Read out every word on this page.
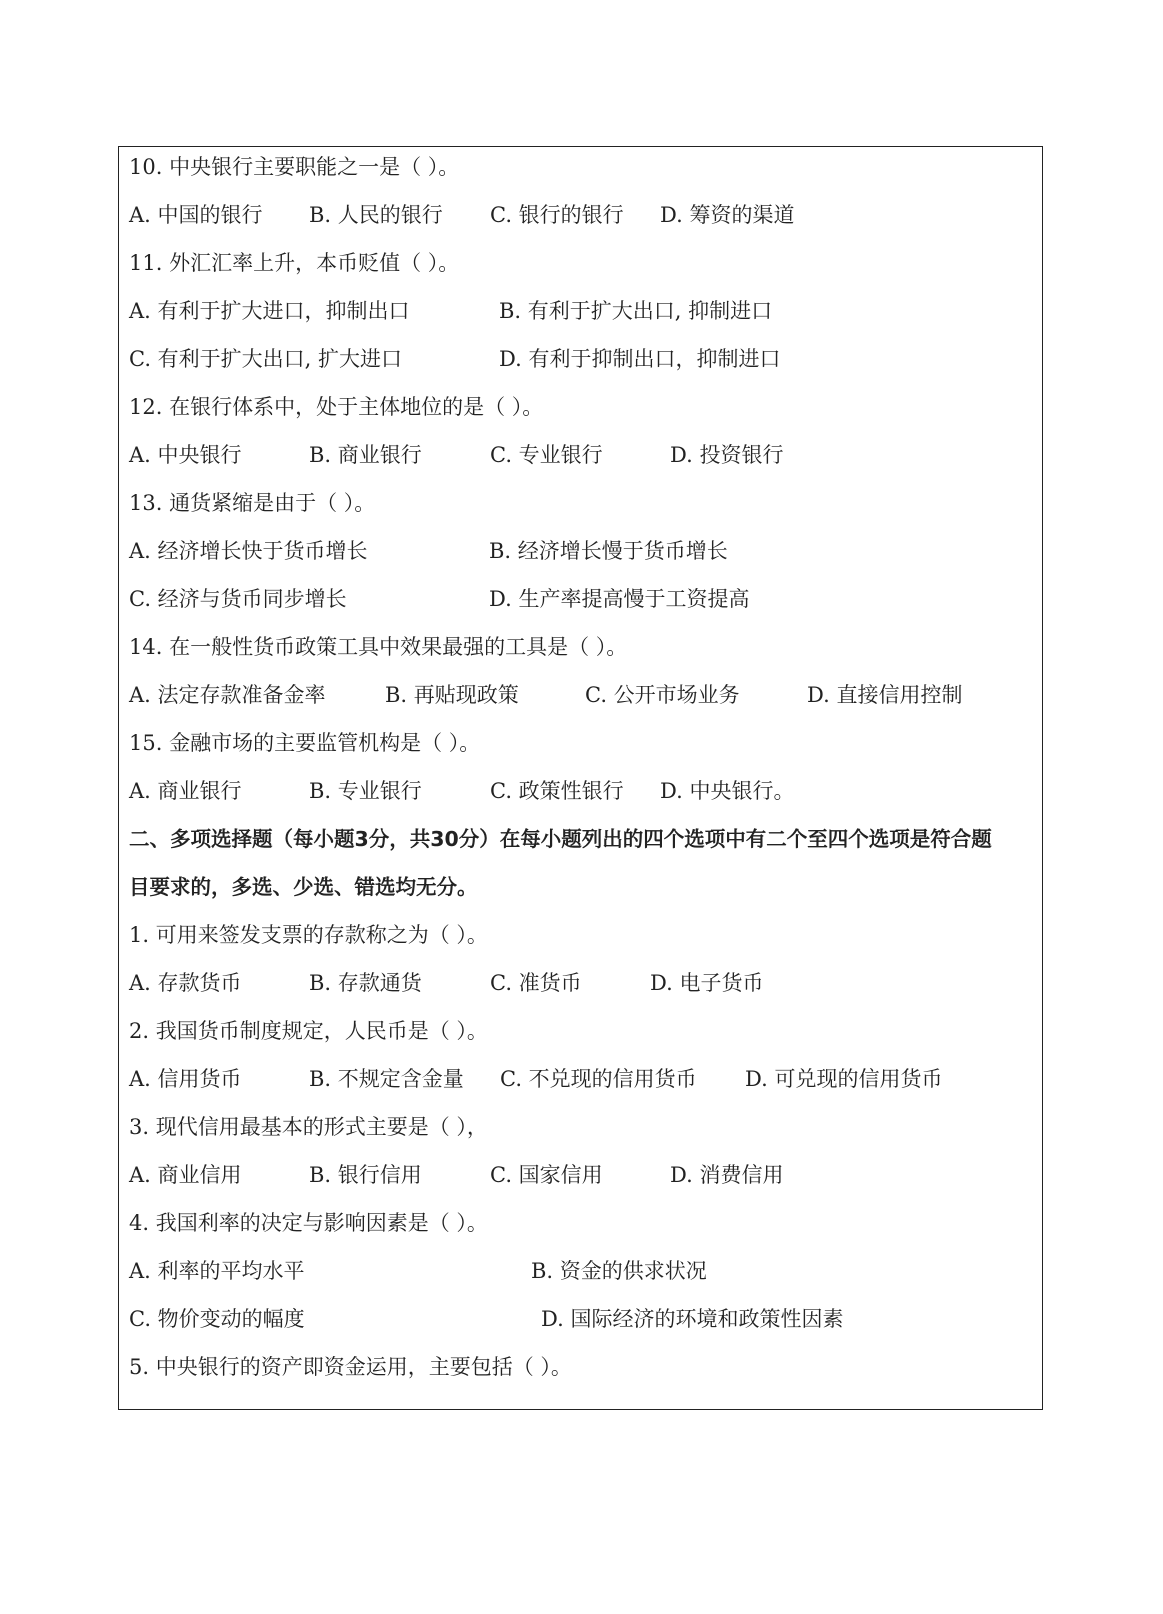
10. 中央银行主要职能之一是（ ）。
A. 中国的银行 B. 人民的银行 C. 银行的银行 D. 筹资的渠道
11. 外汇汇率上升，本币贬值（ ）。
A. 有利于扩大进口，抑制出口	B. 有利于扩大出口, 抑制进口
C. 有利于扩大出口, 扩大进口	D. 有利于抑制出口，抑制进口
12. 在银行体系中，处于主体地位的是（ ）。
A. 中央银行	B. 商业银行	C. 专业银行	D. 投资银行
13. 通货紧缩是由于（ ）。
A. 经济增长快于货币增长	B. 经济增长慢于货币增长
C. 经济与货币同步增长	D. 生产率提高慢于工资提高
14. 在一般性货币政策工具中效果最强的工具是（ ）。
A. 法定存款准备金率	B. 再贴现政策	C. 公开市场业务	D. 直接信用控制
15. 金融市场的主要监管机构是（ ）。
A. 商业银行	B. 专业银行	C. 政策性银行 D. 中央银行。
二、多项选择题（每小题3分，共30分）在每小题列出的四个选项中有二个至四个选项是符合题
目要求的，多选、少选、错选均无分。
1. 可用来签发支票的存款称之为（ ）。
A. 存款货币	B. 存款通货	C. 准货币	D. 电子货币
2. 我国货币制度规定，人民币是（ ）。
A. 信用货币	B. 不规定含金量 C. 不兑现的信用货币 D. 可兑现的信用货币
3. 现代信用最基本的形式主要是（ ），
A. 商业信用	B. 银行信用	C. 国家信用	D. 消费信用
4. 我国利率的决定与影响因素是（ ）。
A. 利率的平均水平	B. 资金的供求状况
C. 物价变动的幅度	D. 国际经济的环境和政策性因素
5. 中央银行的资产即资金运用，主要包括（ ）。
